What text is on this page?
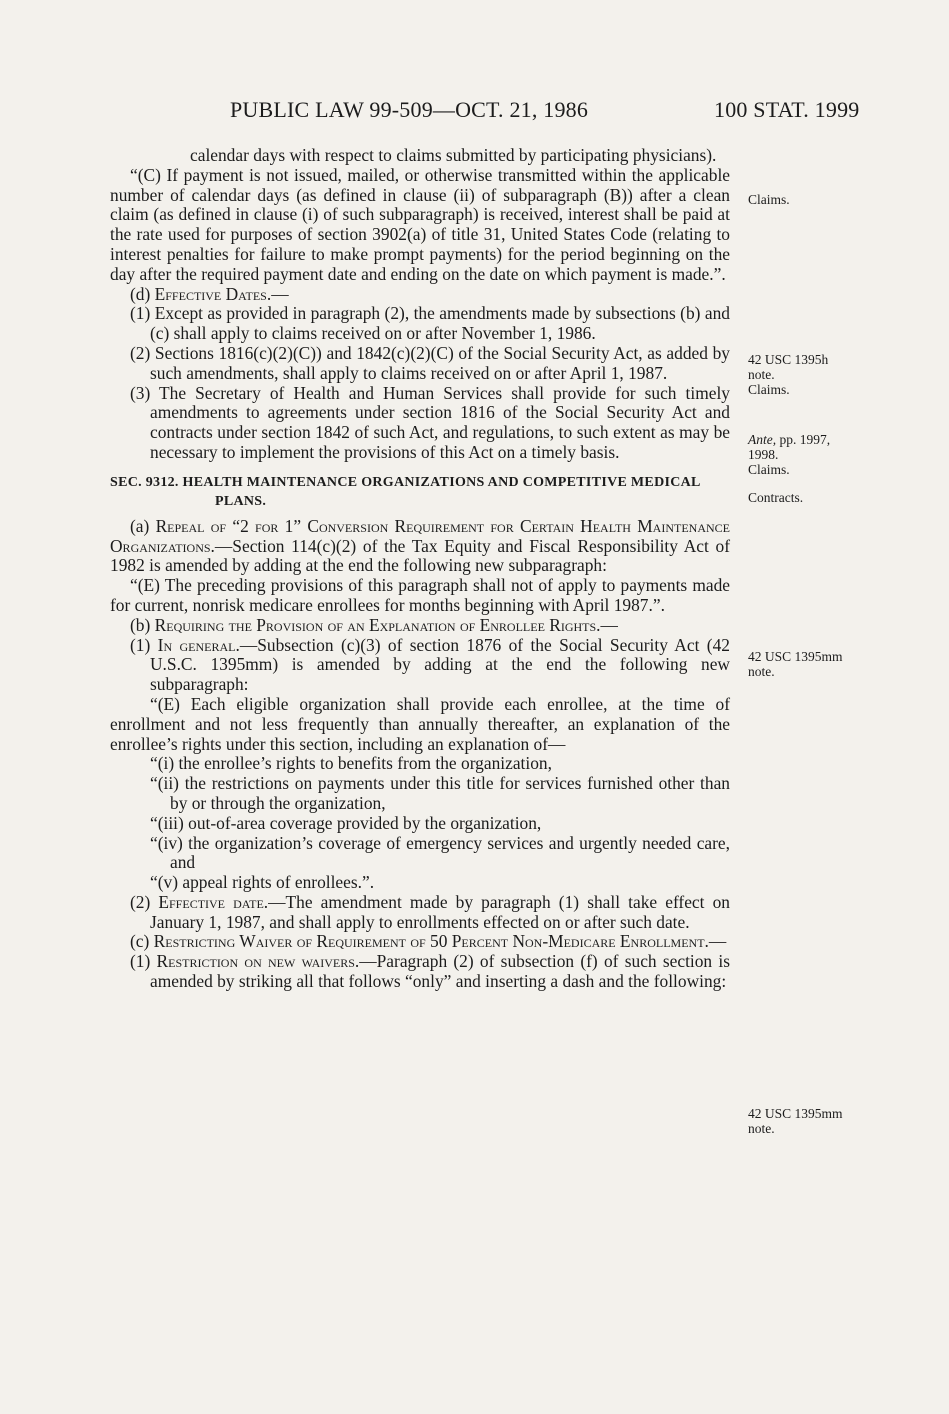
PUBLIC LAW 99-509—OCT. 21, 1986	100 STAT. 1999

calendar days with respect to claims submitted by participating physicians).

“(C) If payment is not issued, mailed, or otherwise transmitted within the applicable number of calendar days (as defined in clause (ii) of subparagraph (B)) after a clean claim (as defined in clause (i) of such subparagraph) is received, interest shall be paid at the rate used for purposes of section 3902(a) of title 31, United States Code (relating to interest penalties for failure to make prompt payments) for the period beginning on the day after the required payment date and ending on the date on which payment is made.”.

(d) Effective Dates.—

(1) Except as provided in paragraph (2), the amendments made by subsections (b) and (c) shall apply to claims received on or after November 1, 1986.

(2) Sections 1816(c)(2)(C)) and 1842(c)(2)(C) of the Social Security Act, as added by such amendments, shall apply to claims received on or after April 1, 1987.

(3) The Secretary of Health and Human Services shall provide for such timely amendments to agreements under section 1816 of the Social Security Act and contracts under section 1842 of such Act, and regulations, to such extent as may be necessary to implement the provisions of this Act on a timely basis.

SEC. 9312. HEALTH MAINTENANCE ORGANIZATIONS AND COMPETITIVE MEDICAL PLANS.

(a) Repeal of “2 for 1” Conversion Requirement for Certain Health Maintenance Organizations.—Section 114(c)(2) of the Tax Equity and Fiscal Responsibility Act of 1982 is amended by adding at the end the following new subparagraph:

“(E) The preceding provisions of this paragraph shall not of apply to payments made for current, nonrisk medicare enrollees for months beginning with April 1987.”.

(b) Requiring the Provision of an Explanation of Enrollee Rights.—

(1) In general.—Subsection (c)(3) of section 1876 of the Social Security Act (42 U.S.C. 1395mm) is amended by adding at the end the following new subparagraph:

“(E) Each eligible organization shall provide each enrollee, at the time of enrollment and not less frequently than annually thereafter, an explanation of the enrollee’s rights under this section, including an explanation of—

“(i) the enrollee’s rights to benefits from the organization,

“(ii) the restrictions on payments under this title for services furnished other than by or through the organization,

“(iii) out-of-area coverage provided by the organization,

“(iv) the organization’s coverage of emergency services and urgently needed care, and

“(v) appeal rights of enrollees.”.

(2) Effective date.—The amendment made by paragraph (1) shall take effect on January 1, 1987, and shall apply to enrollments effected on or after such date.

(c) Restricting Waiver of Requirement of 50 Percent Non-Medicare Enrollment.—

(1) Restriction on new waivers.—Paragraph (2) of subsection (f) of such section is amended by striking all that follows “only” and inserting a dash and the following:

Claims.
42 USC 1395h
note.
Claims.
Ante, pp. 1997,
1998.
Claims.
Contracts.
42 USC 1395mm
note.
42 USC 1395mm
note.
